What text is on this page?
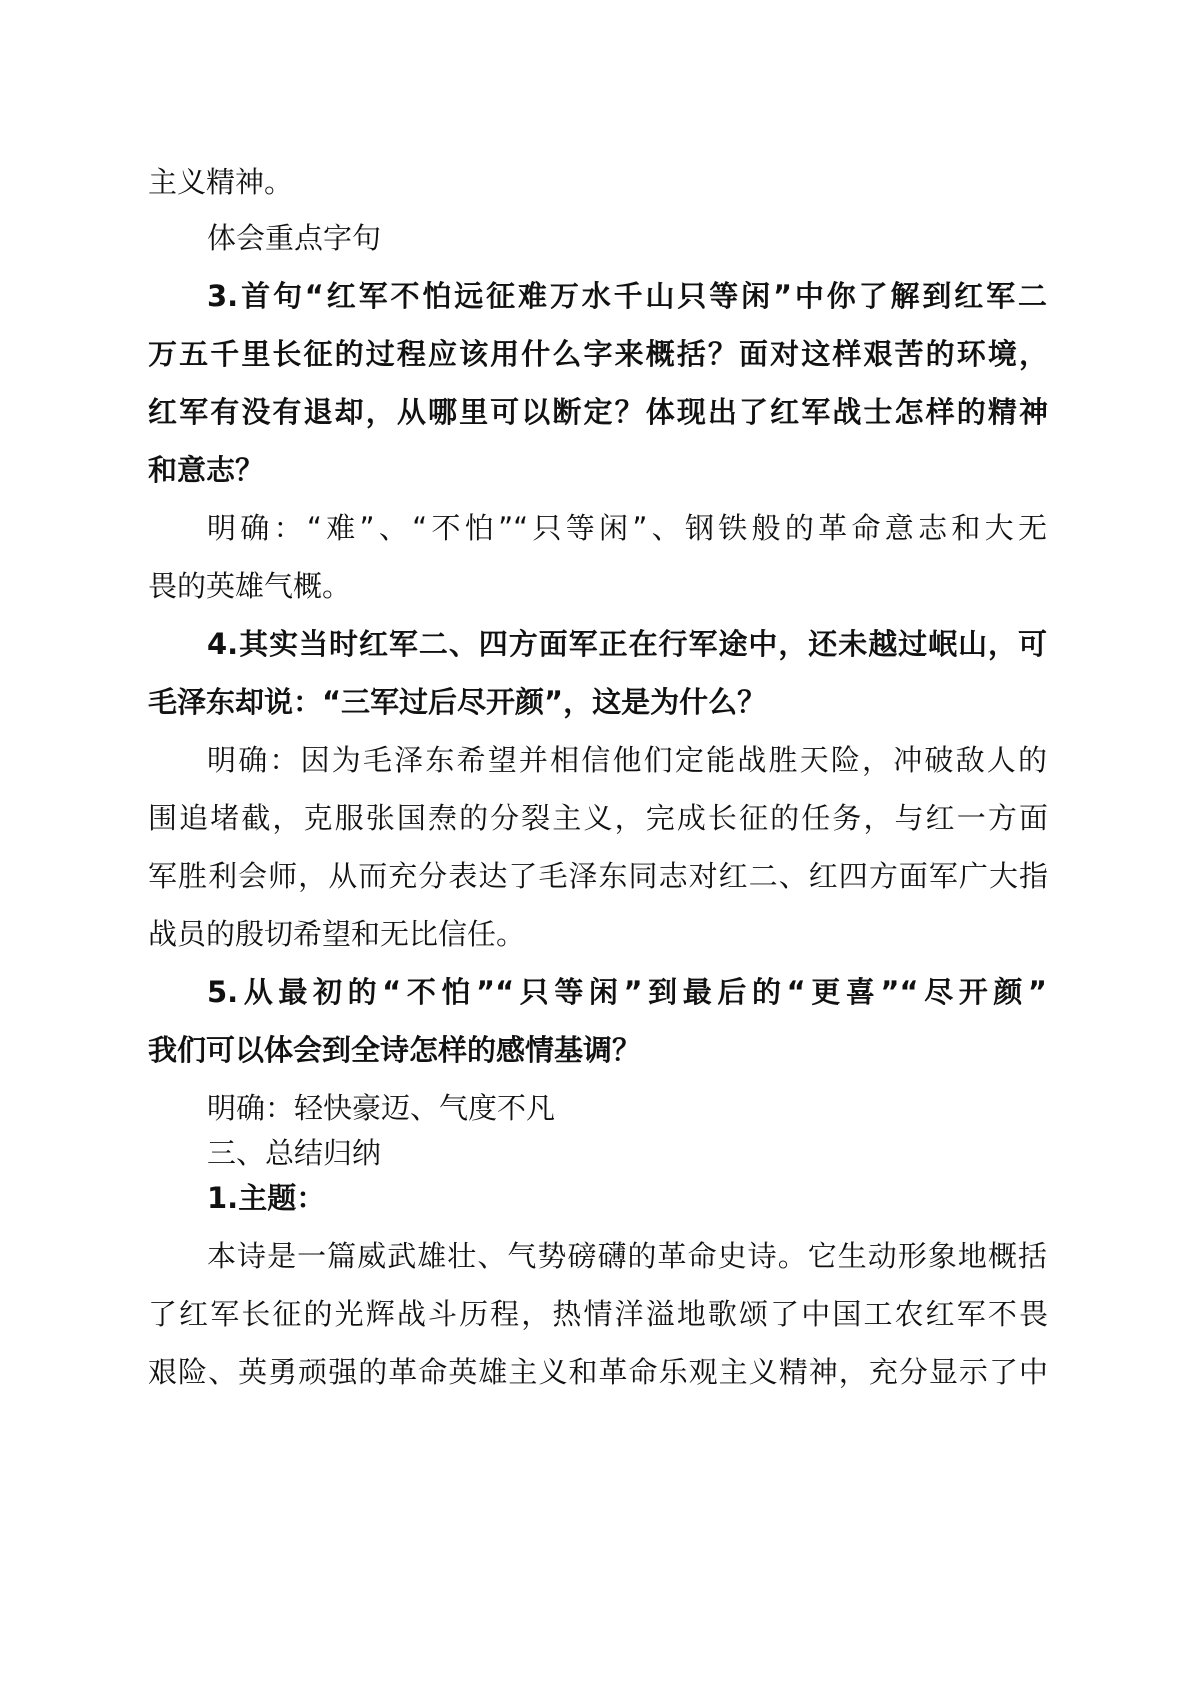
主义精神。
体会重点字句
3.首句“红军不怕远征难万水千山只等闲”中你了解到红军二
万五千里长征的过程应该用什么字来概括？面对这样艰苦的环境，
红军有没有退却，从哪里可以断定？体现出了红军战士怎样的精神
和意志？
明确：“难”、“不怕”“只等闲”、钢铁般的革命意志和大无
畏的英雄气概。
4.其实当时红军二、四方面军正在行军途中，还未越过岷山，可
毛泽东却说：“三军过后尽开颜”，这是为什么？
明确：因为毛泽东希望并相信他们定能战胜天险，冲破敌人的
围追堵截，克服张国焘的分裂主义，完成长征的任务，与红一方面
军胜利会师，从而充分表达了毛泽东同志对红二、红四方面军广大指
战员的殷切希望和无比信任。
5.从最初的“不怕”“只等闲”到最后的“更喜”“尽开颜”
我们可以体会到全诗怎样的感情基调？
明确：轻快豪迈、气度不凡
三、总结归纳
1.主题：
本诗是一篇威武雄壮、气势磅礴的革命史诗。它生动形象地概括
了红军长征的光辉战斗历程，热情洋溢地歌颂了中国工农红军不畏
艰险、英勇顽强的革命英雄主义和革命乐观主义精神，充分显示了中
